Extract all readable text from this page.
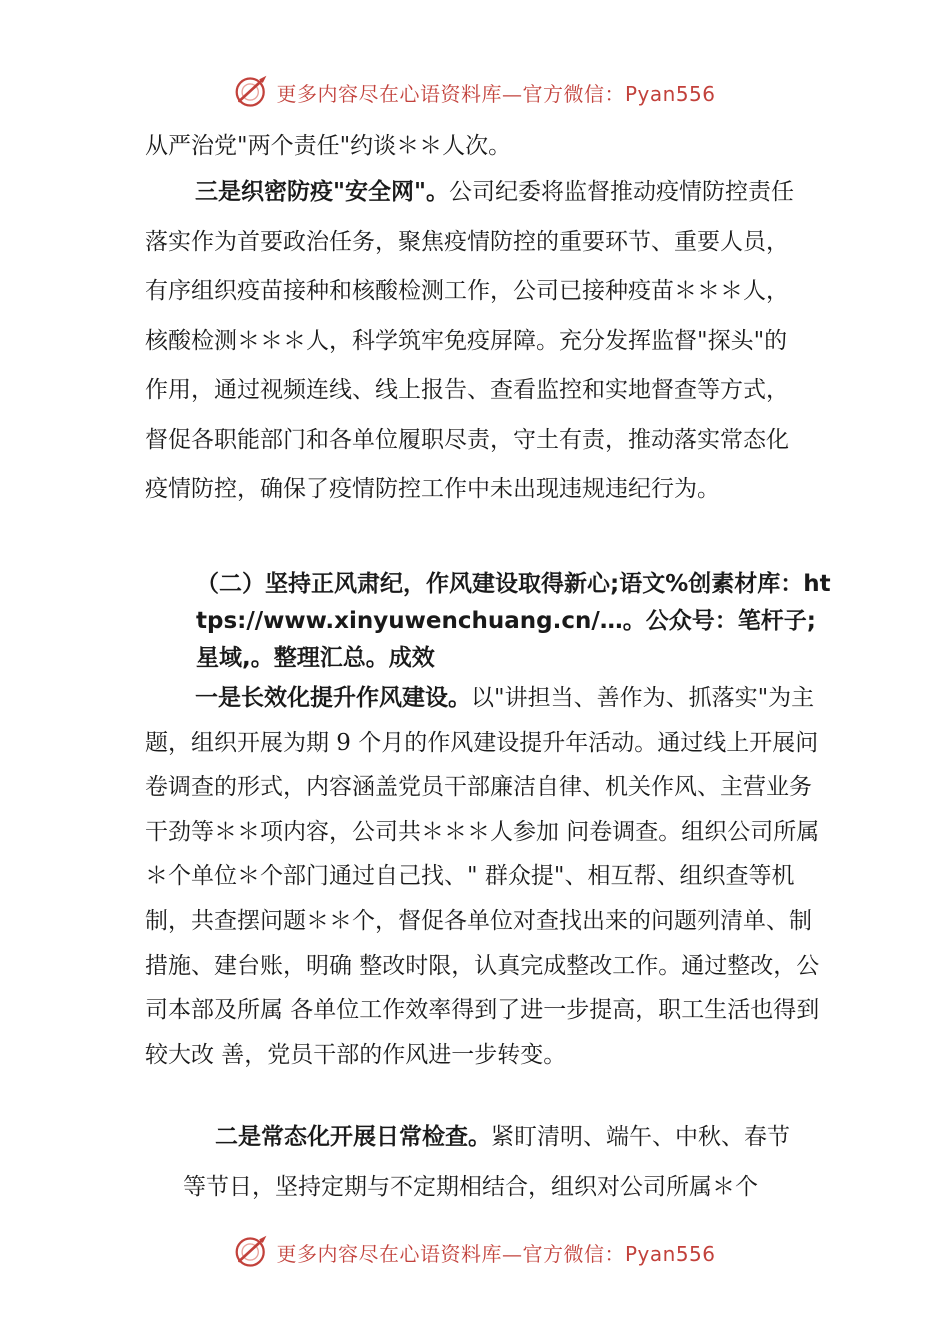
更多内容尽在心语资料库—官方微信：Pyan556

从严治党"两个责任"约谈＊＊人次。

三是织密防疫"安全网"。公司纪委将监督推动疫情防控责任落实作为首要政治任务，聚焦疫情防控的重要环节、重要人员，有序组织疫苗接种和核酸检测工作，公司已接种疫苗＊＊＊人，核酸检测＊＊＊人，科学筑牢免疫屏障。充分发挥监督"探头"的作用，通过视频连线、线上报告、查看监控和实地督查等方式，督促各职能部门和各单位履职尽责，守土有责，推动落实常态化疫情防控，确保了疫情防控工作中未出现违规违纪行为。

（二）坚持正风肃纪，作风建设取得新心;语文%创素材库：https://www.xinyuwenchuang.cn/…。公众号：笔杆子;星域,。整理汇总。成效

一是长效化提升作风建设。以"讲担当、善作为、抓落实"为主题，组织开展为期 9 个月的作风建设提升年活动。通过线上开展问卷调查的形式，内容涵盖党员干部廉洁自律、机关作风、主营业务干劲等＊＊项内容，公司共＊＊＊人参加 问卷调查。组织公司所属＊个单位＊个部门通过自己找、" 群众提"、相互帮、组织查等机制，共查摆问题＊＊个，督促各单位对查找出来的问题列清单、制措施、建台账，明确 整改时限，认真完成整改工作。通过整改，公司本部及所属 各单位工作效率得到了进一步提高，职工生活也得到较大改 善，党员干部的作风进一步转变。

二是常态化开展日常检查。紧盯清明、端午、中秋、春节等节日，坚持定期与不定期相结合，组织对公司所属＊个

更多内容尽在心语资料库—官方微信：Pyan556
